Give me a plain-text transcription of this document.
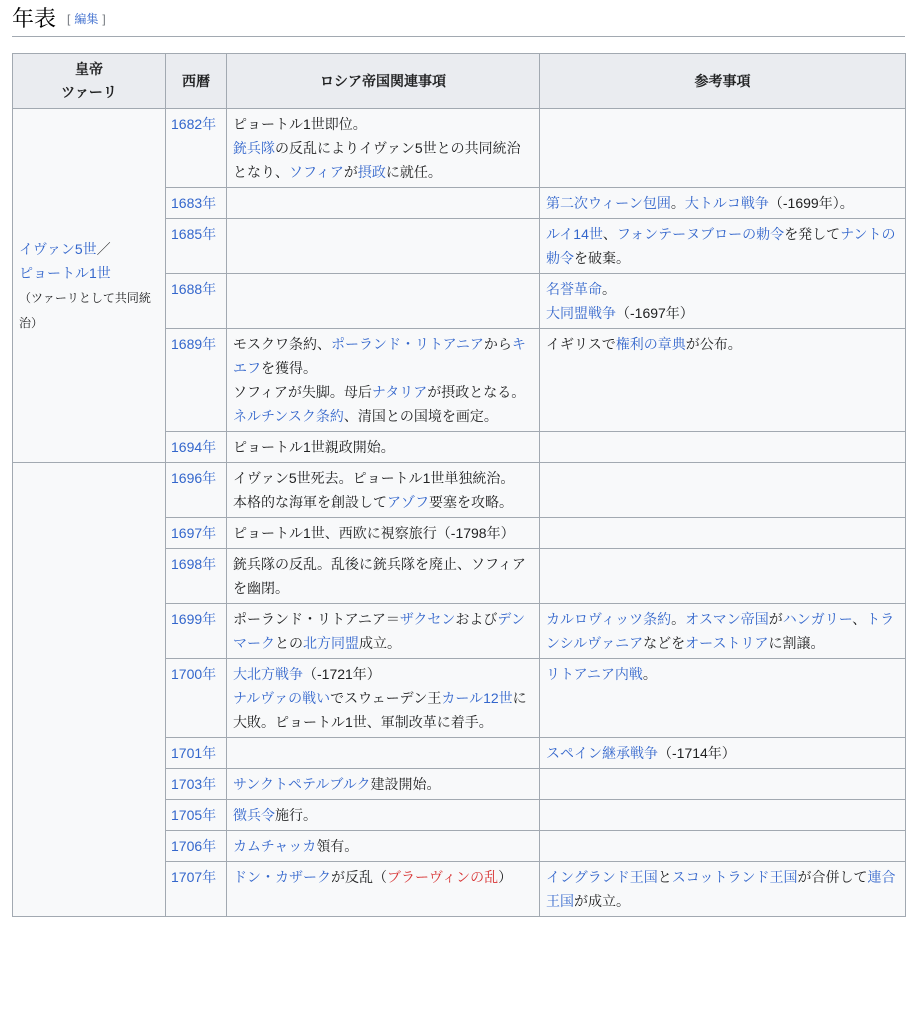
年表 [ 編集 ]
皇帝
ツァーリ	西暦	ロシア帝国関連事項	参考事項
イヴァン5世／
ピョートル1世
（ツァーリとして共同統治）	1682年	ピョートル1世即位。
銃兵隊の反乱によりイヴァン5世との共同統治となり、ソフィアが摂政に就任。	
	1683年		第二次ウィーン包囲。大トルコ戦争（-1699年）。
	1685年		ルイ14世、フォンテーヌブローの勅令を発してナントの勅令を破棄。
	1688年		名誉革命。
大同盟戦争（-1697年）
	1689年	モスクワ条約、ポーランド・リトアニアからキエフを獲得。
ソフィアが失脚。母后ナタリアが摂政となる。
ネルチンスク条約、清国との国境を画定。	イギリスで権利の章典が公布。
	1694年	ピョートル1世親政開始。	
	1696年	イヴァン5世死去。ピョートル1世単独統治。
本格的な海軍を創設してアゾフ要塞を攻略。	
	1697年	ピョートル1世、西欧に視察旅行（-1798年）	
	1698年	銃兵隊の反乱。乱後に銃兵隊を廃止、ソフィアを幽閉。	
	1699年	ポーランド・リトアニア＝ザクセンおよびデンマークとの北方同盟成立。	カルロヴィッツ条約。オスマン帝国がハンガリー、トランシルヴァニアなどをオーストリアに割譲。
	1700年	大北方戦争（-1721年）
ナルヴァの戦いでスウェーデン王カール12世に大敗。ピョートル1世、軍制改革に着手。	リトアニア内戦。
	1701年		スペイン継承戦争（-1714年）
	1703年	サンクトペテルブルク建設開始。	
	1705年	徴兵令施行。	
	1706年	カムチャッカ領有。	
	1707年	ドン・カザークが反乱（ブラーヴィンの乱）	イングランド王国とスコットランド王国が合併して連合王国が成立。
